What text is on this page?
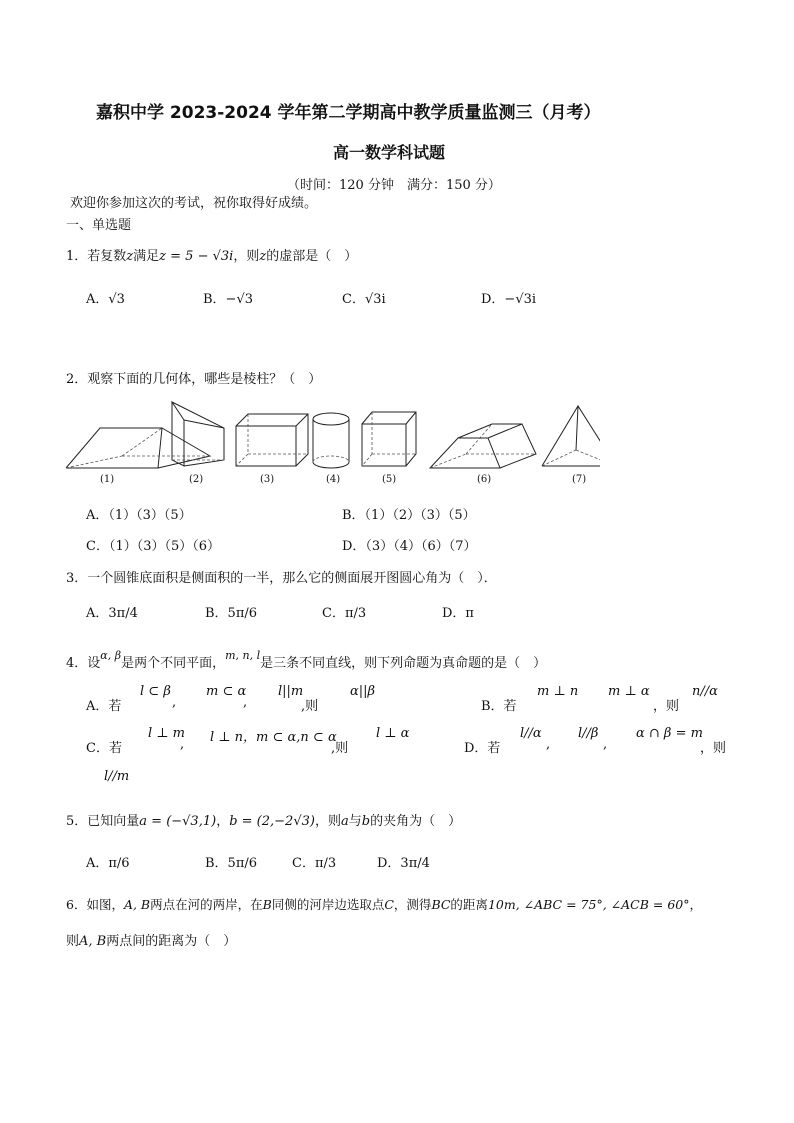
嘉积中学 2023-2024 学年第二学期高中教学质量监测三（月考）
高一数学科试题
（时间：120 分钟　满分：150 分）
欢迎你参加这次的考试，祝你取得好成绩。
一、单选题
1．若复数z满足z = 5 − √3i，则z的虚部是（　）
A．√3	B．−√3	C．√3i	D．−√3i
2．观察下面的几何体，哪些是棱柱？（　）
(1)	(2)	(3)	(4)	(5)	(6)	(7)
A．（1）（3）（5）	B．（1）（2）（3）（5）
C．（1）（3）（5）（6）	D．（3）（4）（6）（7）
3．一个圆锥底面积是侧面积的一半，那么它的侧面展开图圆心角为（　）．
A．3π/4	B．5π/6	C．π/3	D．π
4．设$^{\alpha, \beta}$是两个不同平面，$^{m, n, l}$是三条不同直线，则下列命题为真命题的是（　）
A．若
l ⊂ β
,
m ⊂ α
,
l||m
,则
α||β
B．若
m ⊥ n m ⊥ α
，则
n//α
C．若
l ⊥ m
, l ⊥ n，m ⊂ α,n ⊂ α
,则
l ⊥ α
D．若
l//α
,
l//β
,
α ∩ β = m
，则
l//m
5．已知向量a = (−√3,1)，b = (2,−2√3)，则a与b的夹角为（　）
A．π/6	B．5π/6	C．π/3	D．3π/4
6．如图，A, B两点在河的两岸，在B同侧的河岸边选取点C，测得BC的距离10m, ∠ABC = 75°, ∠ACB = 60°，
则A, B两点间的距离为（　）
